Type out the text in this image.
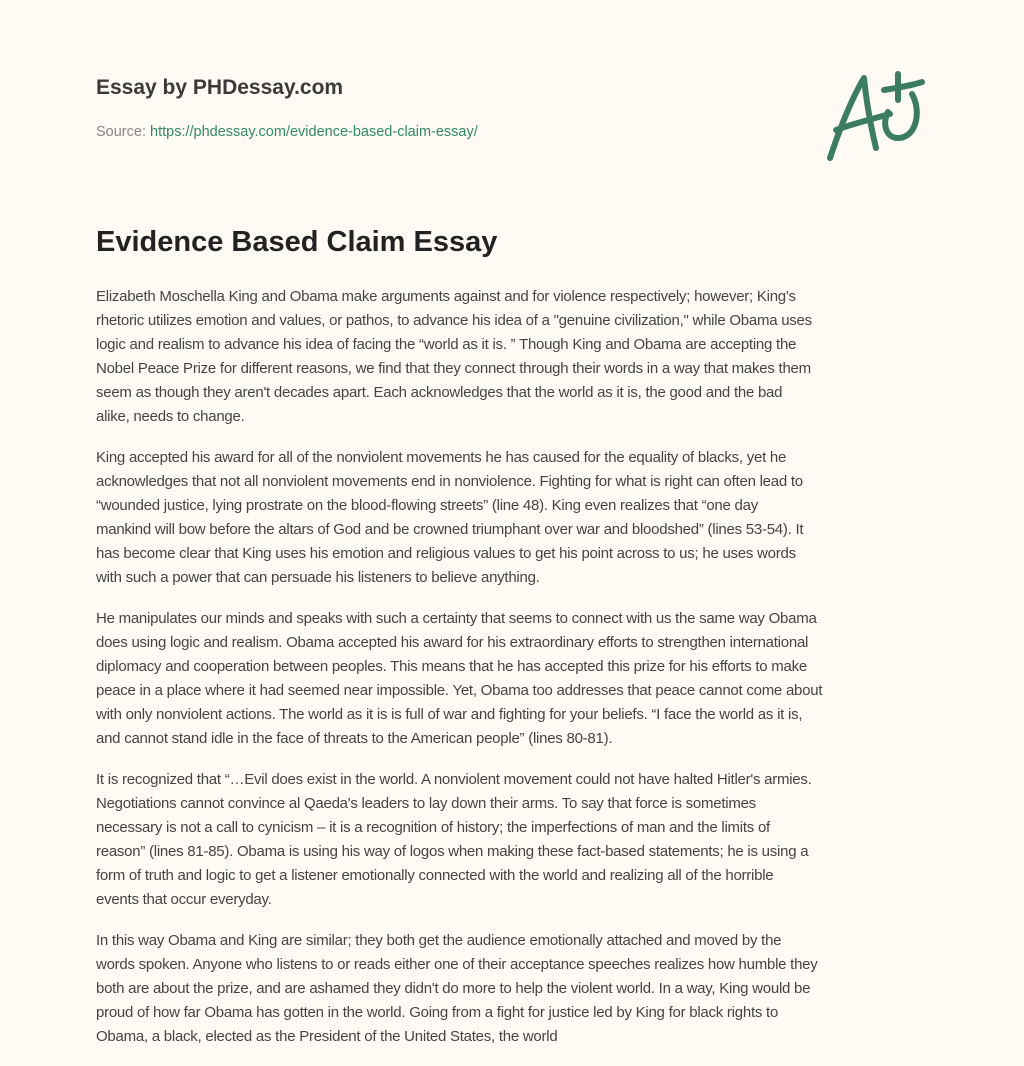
Essay by PHDessay.com
Source: https://phdessay.com/evidence-based-claim-essay/
Evidence Based Claim Essay

Elizabeth Moschella King and Obama make arguments against and for violence respectively; however; King's
rhetoric utilizes emotion and values, or pathos, to advance his idea of a "genuine civilization," while Obama uses
logic and realism to advance his idea of facing the “world as it is. ” Though King and Obama are accepting the
Nobel Peace Prize for different reasons, we find that they connect through their words in a way that makes them
seem as though they aren't decades apart. Each acknowledges that the world as it is, the good and the bad
alike, needs to change.

King accepted his award for all of the nonviolent movements he has caused for the equality of blacks, yet he
acknowledges that not all nonviolent movements end in nonviolence. Fighting for what is right can often lead to
“wounded justice, lying prostrate on the blood-flowing streets” (line 48). King even realizes that “one day
mankind will bow before the altars of God and be crowned triumphant over war and bloodshed” (lines 53-54). It
has become clear that King uses his emotion and religious values to get his point across to us; he uses words
with such a power that can persuade his listeners to believe anything.

He manipulates our minds and speaks with such a certainty that seems to connect with us the same way Obama
does using logic and realism. Obama accepted his award for his extraordinary efforts to strengthen international
diplomacy and cooperation between peoples. This means that he has accepted this prize for his efforts to make
peace in a place where it had seemed near impossible. Yet, Obama too addresses that peace cannot come about
with only nonviolent actions. The world as it is is full of war and fighting for your beliefs. “I face the world as it is,
and cannot stand idle in the face of threats to the American people” (lines 80-81).

It is recognized that “…Evil does exist in the world. A nonviolent movement could not have halted Hitler's armies.
Negotiations cannot convince al Qaeda's leaders to lay down their arms. To say that force is sometimes
necessary is not a call to cynicism – it is a recognition of history; the imperfections of man and the limits of
reason” (lines 81-85). Obama is using his way of logos when making these fact-based statements; he is using a
form of truth and logic to get a listener emotionally connected with the world and realizing all of the horrible
events that occur everyday.

In this way Obama and King are similar; they both get the audience emotionally attached and moved by the
words spoken. Anyone who listens to or reads either one of their acceptance speeches realizes how humble they
both are about the prize, and are ashamed they didn't do more to help the violent world. In a way, King would be
proud of how far Obama has gotten in the world. Going from a fight for justice led by King for black rights to
Obama, a black, elected as the President of the United States, the world
